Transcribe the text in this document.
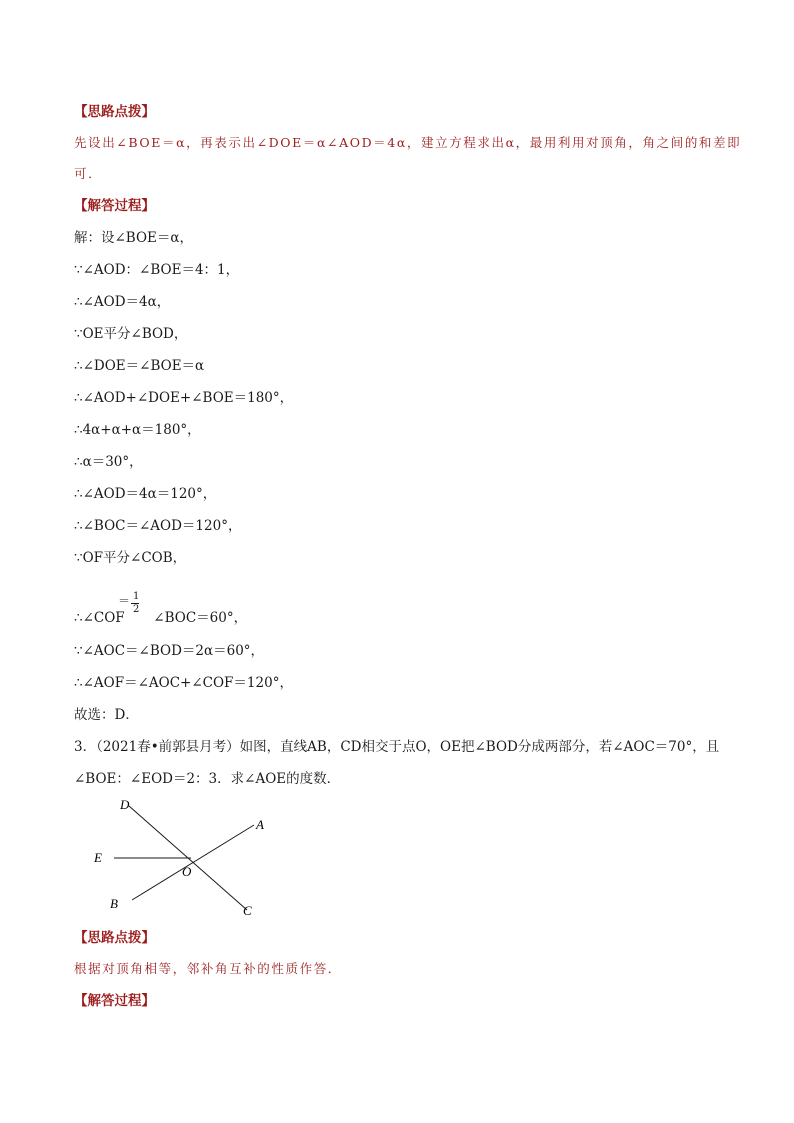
【思路点拨】
先设出∠BOE＝α，再表示出∠DOE＝α∠AOD＝4α，建立方程求出α，最用利用对顶角，角之间的和差即
可．
【解答过程】
解：设∠BOE＝α，
∵∠AOD：∠BOE＝4：1，
∴∠AOD＝4α，
∵OE平分∠BOD，
∴∠DOE＝∠BOE＝α
∴∠AOD+∠DOE+∠BOE＝180°，
∴4α+α+α＝180°，
∴α＝30°，
∴∠AOD＝4α＝120°，
∴∠BOC＝∠AOD＝120°，
∵OF平分∠COB，
∴∠COF ∠BOC＝60°，
＝ 1
2
∵∠AOC＝∠BOD＝2α＝60°，
∴∠AOF＝∠AOC+∠COF＝120°，
故选：D．
3．（2021春•前郭县月考）如图，直线AB，CD相交于点O，OE把∠BOD分成两部分，若∠AOC＝70°，且
∠BOE：∠EOD＝2：3．求∠AOE的度数．
D
A
E
O
B	C
【思路点拨】
根据对顶角相等，邻补角互补的性质作答．
【解答过程】
